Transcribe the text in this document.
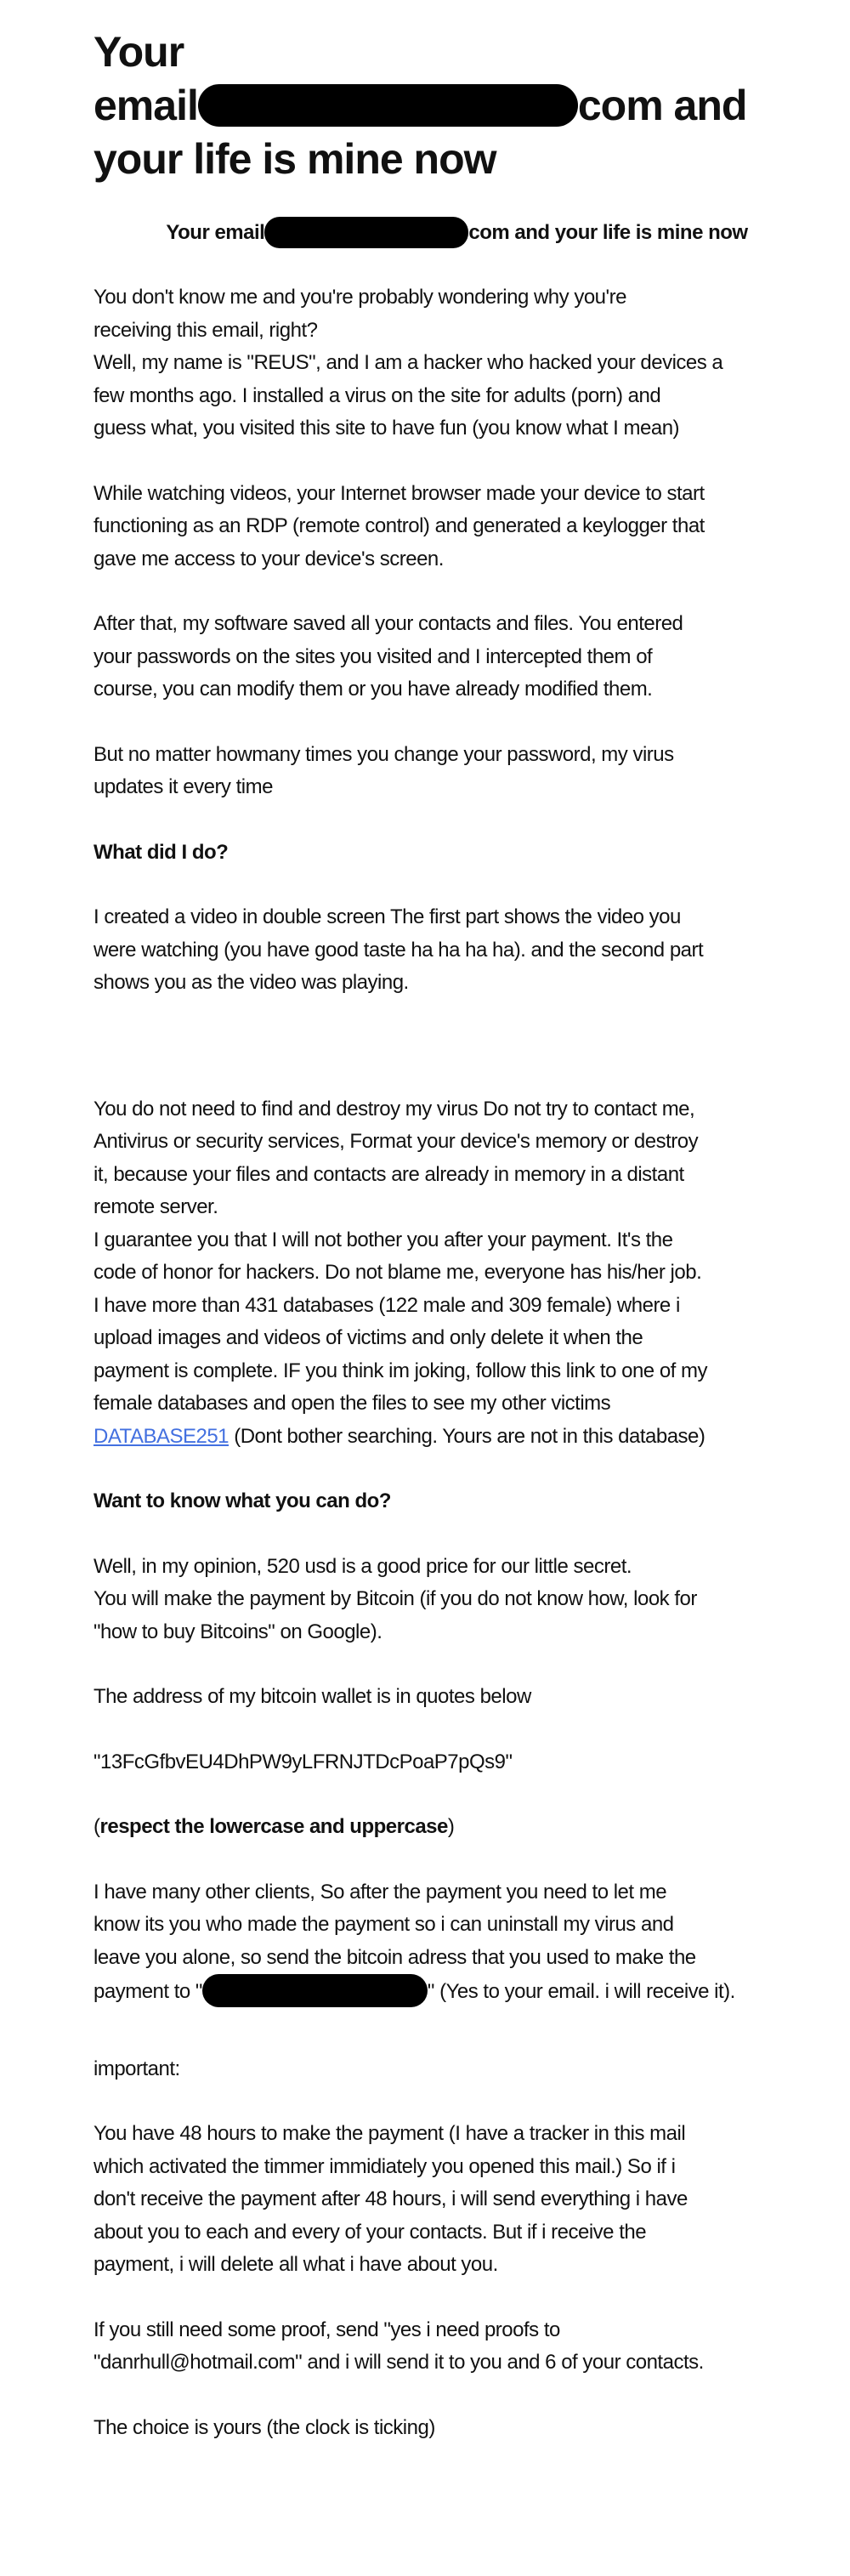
Your
email	com and
your life is mine now
Your email	com and your life is mine now

You don't know me and you're probably wondering why you're
receiving this email, right?
Well, my name is "REUS", and I am a hacker who hacked your devices a
few months ago. I installed a virus on the site for adults (porn) and
guess what, you visited this site to have fun (you know what I mean)

While watching videos, your Internet browser made your device to start
functioning as an RDP (remote control) and generated a keylogger that
gave me access to your device's screen.

After that, my software saved all your contacts and files. You entered
your passwords on the sites you visited and I intercepted them of
course, you can modify them or you have already modified them.

But no matter howmany times you change your password, my virus
updates it every time

What did I do?

I created a video in double screen The first part shows the video you
were watching (you have good taste ha ha ha ha). and the second part
shows you as the video was playing.

You do not need to find and destroy my virus Do not try to contact me,
Antivirus or security services, Format your device's memory or destroy
it, because your files and contacts are already in memory in a distant
remote server.
I guarantee you that I will not bother you after your payment. It's the
code of honor for hackers. Do not blame me, everyone has his/her job.
I have more than 431 databases (122 male and 309 female) where i
upload images and videos of victims and only delete it when the
payment is complete. IF you think im joking, follow this link to one of my
female databases and open the files to see my other victims
DATABASE251 (Dont bother searching. Yours are not in this database)

Want to know what you can do?

Well, in my opinion, 520 usd is a good price for our little secret.
You will make the payment by Bitcoin (if you do not know how, look for
"how to buy Bitcoins" on Google).

The address of my bitcoin wallet is in quotes below

"13FcGfbvEU4DhPW9yLFRNJTDcPoaP7pQs9"

(respect the lowercase and uppercase)

I have many other clients, So after the payment you need to let me
know its you who made the payment so i can uninstall my virus and
leave you alone, so send the bitcoin adress that you used to make the
payment to "	" (Yes to your email. i will receive it).

important:

You have 48 hours to make the payment (I have a tracker in this mail
which activated the timmer immidiately you opened this mail.) So if i
don't receive the payment after 48 hours, i will send everything i have
about you to each and every of your contacts. But if i receive the
payment, i will delete all what i have about you.

If you still need some proof, send "yes i need proofs to
"danrhull@hotmail.com" and i will send it to you and 6 of your contacts.

The choice is yours (the clock is ticking)
